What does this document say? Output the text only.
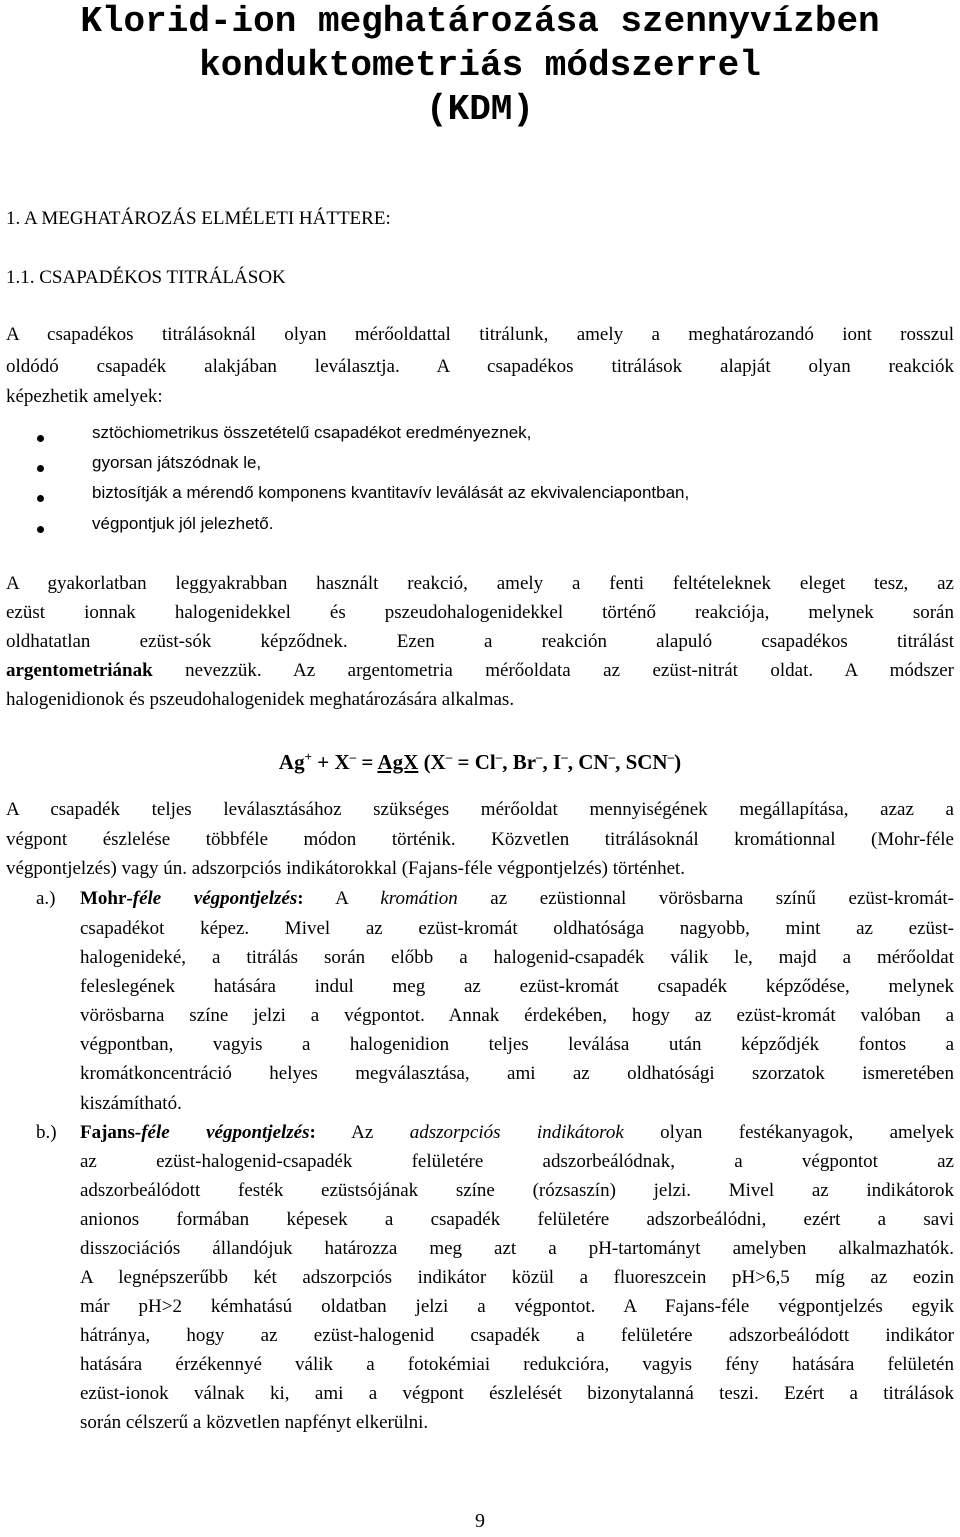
Klorid-ion meghatározása szennyvízben
konduktometriás módszerrel
(KDM)
1. A MEGHATÁROZÁS ELMÉLETI HÁTTERE:
1.1. CSAPADÉKOS TITRÁLÁSOK
A csapadékos titrálásoknál olyan mérőoldattal titrálunk, amely a meghatározandó iont rosszul
oldódó csapadék alakjában leválasztja. A csapadékos titrálások alapját olyan reakciók
képezhetik amelyek:
sztöchiometrikus összetételű csapadékot eredményeznek,
gyorsan játszódnak le,
biztosítják a mérendő komponens kvantitavív leválását az ekvivalenciapontban,
végpontjuk jól jelezhető.
A gyakorlatban leggyakrabban használt reakció, amely a fenti feltételeknek eleget tesz, az
ezüst ionnak halogenidekkel és pszeudohalogenidekkel történő reakciója, melynek során
oldhatatlan ezüst-sók képződnek. Ezen a reakción alapuló csapadékos titrálást
argentometriának nevezzük. Az argentometria mérőoldata az ezüst-nitrát oldat. A módszer
halogenidionok és pszeudohalogenidek meghatározására alkalmas.
Ag+ + X– = AgX (X– = Cl–, Br–, I–, CN–, SCN–)
A csapadék teljes leválasztásához szükséges mérőoldat mennyiségének megállapítása, azaz a
végpont észlelése többféle módon történik. Közvetlen titrálásoknál kromátionnal (Mohr-féle
végpontjelzés) vagy ún. adszorpciós indikátorokkal (Fajans-féle végpontjelzés) történhet.
a.)	Mohr-féle végpontjelzés: A kromátion az ezüstionnal vörösbarna színű ezüst-kromát-
csapadékot képez. Mivel az ezüst-kromát oldhatósága nagyobb, mint az ezüst-
halogenideké, a titrálás során előbb a halogenid-csapadék válik le, majd a mérőoldat
feleslegének hatására indul meg az ezüst-kromát csapadék képződése, melynek
vörösbarna színe jelzi a végpontot. Annak érdekében, hogy az ezüst-kromát valóban a
végpontban, vagyis a halogenidion teljes leválása után képződjék fontos a
kromátkoncentráció helyes megválasztása, ami az oldhatósági szorzatok ismeretében
kiszámítható.
b.)	Fajans-féle végpontjelzés: Az adszorpciós indikátorok olyan festékanyagok, amelyek
az ezüst-halogenid-csapadék felületére adszorbeálódnak, a végpontot az
adszorbeálódott festék ezüstsójának színe (rózsaszín) jelzi. Mivel az indikátorok
anionos formában képesek a csapadék felületére adszorbeálódni, ezért a savi
disszociációs állandójuk határozza meg azt a pH-tartományt amelyben alkalmazhatók.
A legnépszerűbb két adszorpciós indikátor közül a fluoreszcein pH>6,5 míg az eozin
már pH>2 kémhatású oldatban jelzi a végpontot. A Fajans-féle végpontjelzés egyik
hátránya, hogy az ezüst-halogenid csapadék a felületére adszorbeálódott indikátor
hatására érzékennyé válik a fotokémiai redukcióra, vagyis fény hatására felületén
ezüst-ionok válnak ki, ami a végpont észlelését bizonytalanná teszi. Ezért a titrálások
során célszerű a közvetlen napfényt elkerülni.
9
